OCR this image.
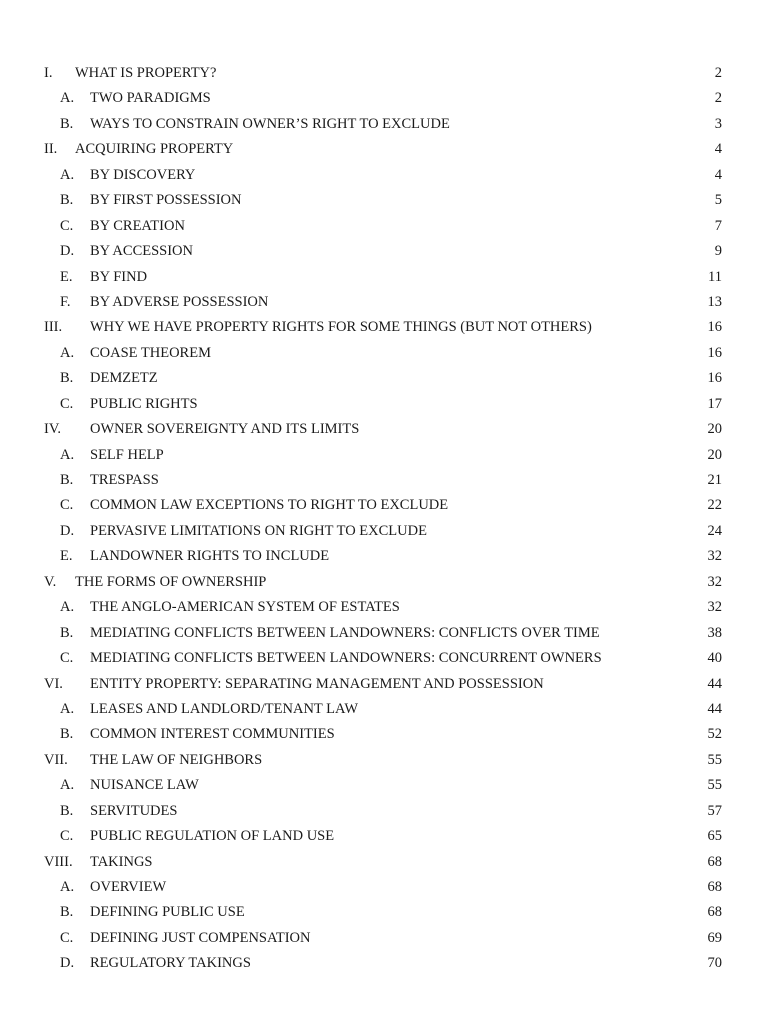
I. WHAT IS PROPERTY?	2
A. TWO PARADIGMS	2
B. WAYS TO CONSTRAIN OWNER’S RIGHT TO EXCLUDE	3
II. ACQUIRING PROPERTY	4
A. BY DISCOVERY	4
B. BY FIRST POSSESSION	5
C. BY CREATION	7
D. BY ACCESSION	9
E. BY FIND	11
F. BY ADVERSE POSSESSION	13
III. WHY WE HAVE PROPERTY RIGHTS FOR SOME THINGS (BUT NOT OTHERS)	16
A. COASE THEOREM	16
B. DEMZETZ	16
C. PUBLIC RIGHTS	17
IV. OWNER SOVEREIGNTY AND ITS LIMITS	20
A. SELF HELP	20
B. TRESPASS	21
C. COMMON LAW EXCEPTIONS TO RIGHT TO EXCLUDE	22
D. PERVASIVE LIMITATIONS ON RIGHT TO EXCLUDE	24
E. LANDOWNER RIGHTS TO INCLUDE	32
V. THE FORMS OF OWNERSHIP	32
A. THE ANGLO-AMERICAN SYSTEM OF ESTATES	32
B. MEDIATING CONFLICTS BETWEEN LANDOWNERS: CONFLICTS OVER TIME	38
C. MEDIATING CONFLICTS BETWEEN LANDOWNERS: CONCURRENT OWNERS	40
VI. ENTITY PROPERTY: SEPARATING MANAGEMENT AND POSSESSION	44
A. LEASES AND LANDLORD/TENANT LAW	44
B. COMMON INTEREST COMMUNITIES	52
VII. THE LAW OF NEIGHBORS	55
A. NUISANCE LAW	55
B. SERVITUDES	57
C. PUBLIC REGULATION OF LAND USE	65
VIII. TAKINGS	68
A. OVERVIEW	68
B. DEFINING PUBLIC USE	68
C. DEFINING JUST COMPENSATION	69
D. REGULATORY TAKINGS	70
